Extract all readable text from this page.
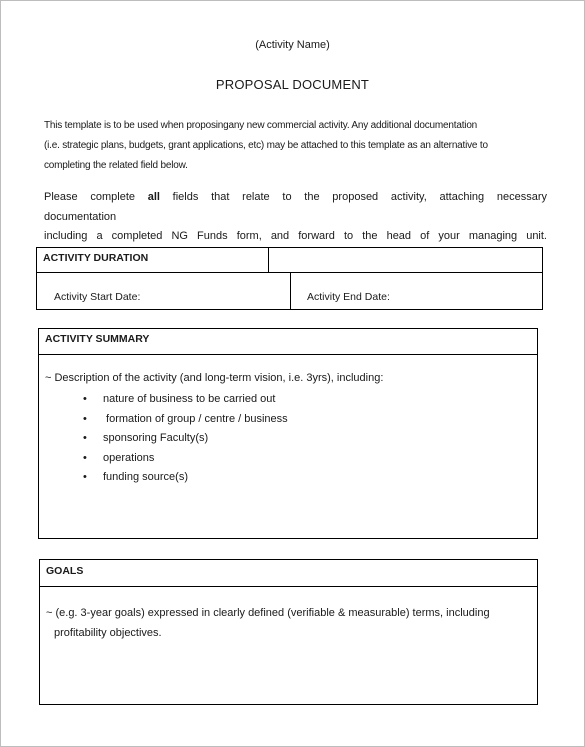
(Activity Name)
PROPOSAL DOCUMENT
This template is to be used when proposingany new commercial activity. Any additional documentation
(i.e. strategic plans, budgets, grant applications, etc) may be attached to this template as an alternative to
completing the related field below.
Please complete all fields that relate to the proposed activity, attaching necessary documentation
including a completed NG Funds form, and forward to the head of your managing unit.
ACTIVITY DURATION
Activity Start Date:	Activity End Date:
ACTIVITY SUMMARY
~ Description of the activity (and long-term vision, i.e. 3yrs), including:
• nature of business to be carried out
• formation of group / centre / business
• sponsoring Faculty(s)
• operations
• funding source(s)
GOALS
~ (e.g. 3-year goals) expressed in clearly defined (verifiable & measurable) terms, including
profitability objectives.
